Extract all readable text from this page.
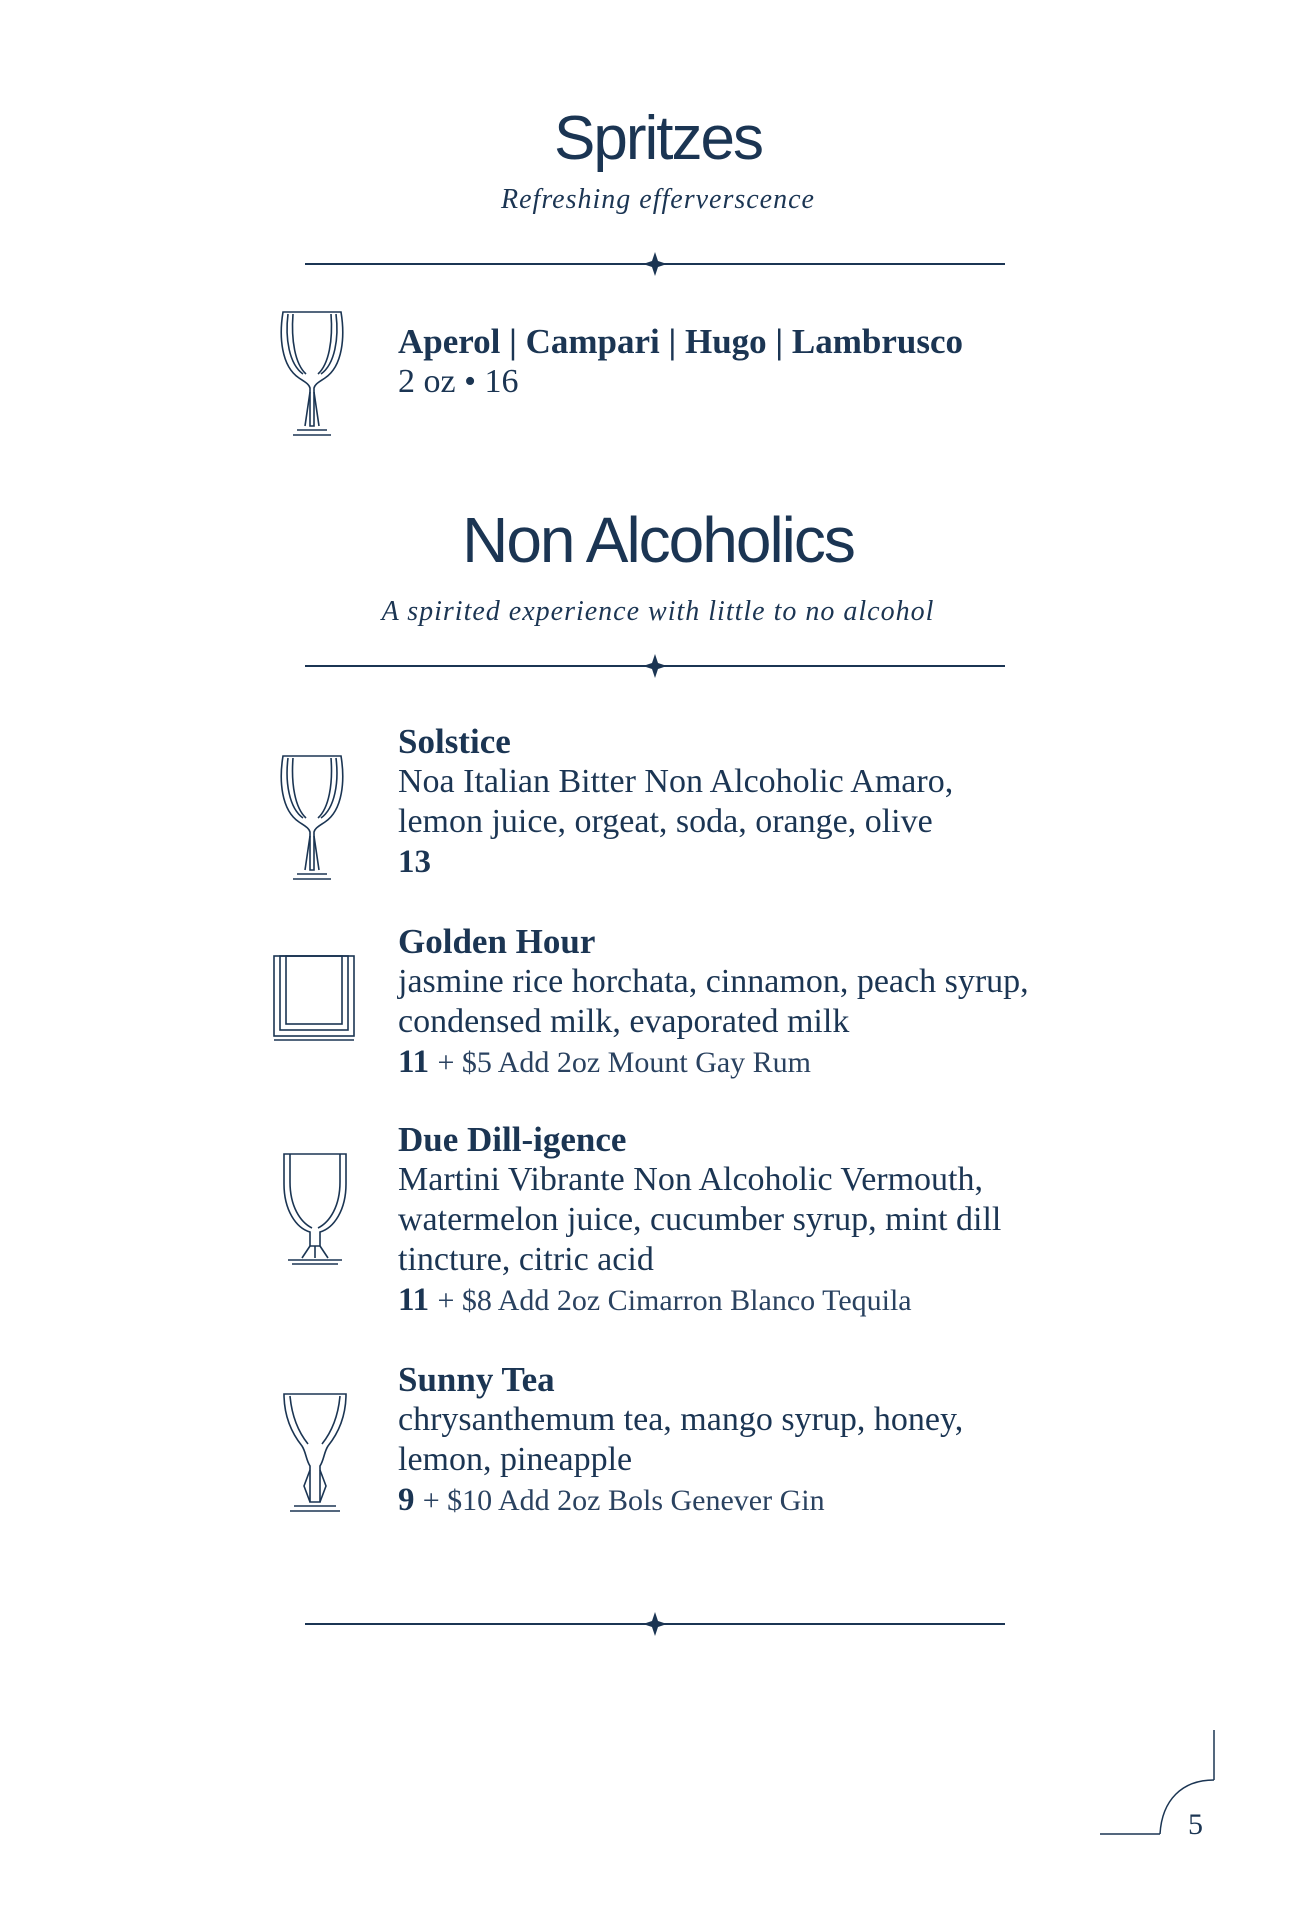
Spritzes
Refreshing efferverscence
Aperol | Campari | Hugo | Lambrusco
2 oz • 16
Non Alcoholics
A spirited experience with little to no alcohol
Solstice
Noa Italian Bitter Non Alcoholic Amaro, lemon juice, orgeat, soda, orange, olive
13
Golden Hour
jasmine rice horchata, cinnamon, peach syrup, condensed milk, evaporated milk
11 + $5 Add 2oz Mount Gay Rum
Due Dill-igence
Martini Vibrante Non Alcoholic Vermouth, watermelon juice, cucumber syrup, mint dill tincture, citric acid
11 + $8 Add 2oz Cimarron Blanco Tequila
Sunny Tea
chrysanthemum tea, mango syrup, honey, lemon, pineapple
9 + $10 Add 2oz Bols Genever Gin
5
